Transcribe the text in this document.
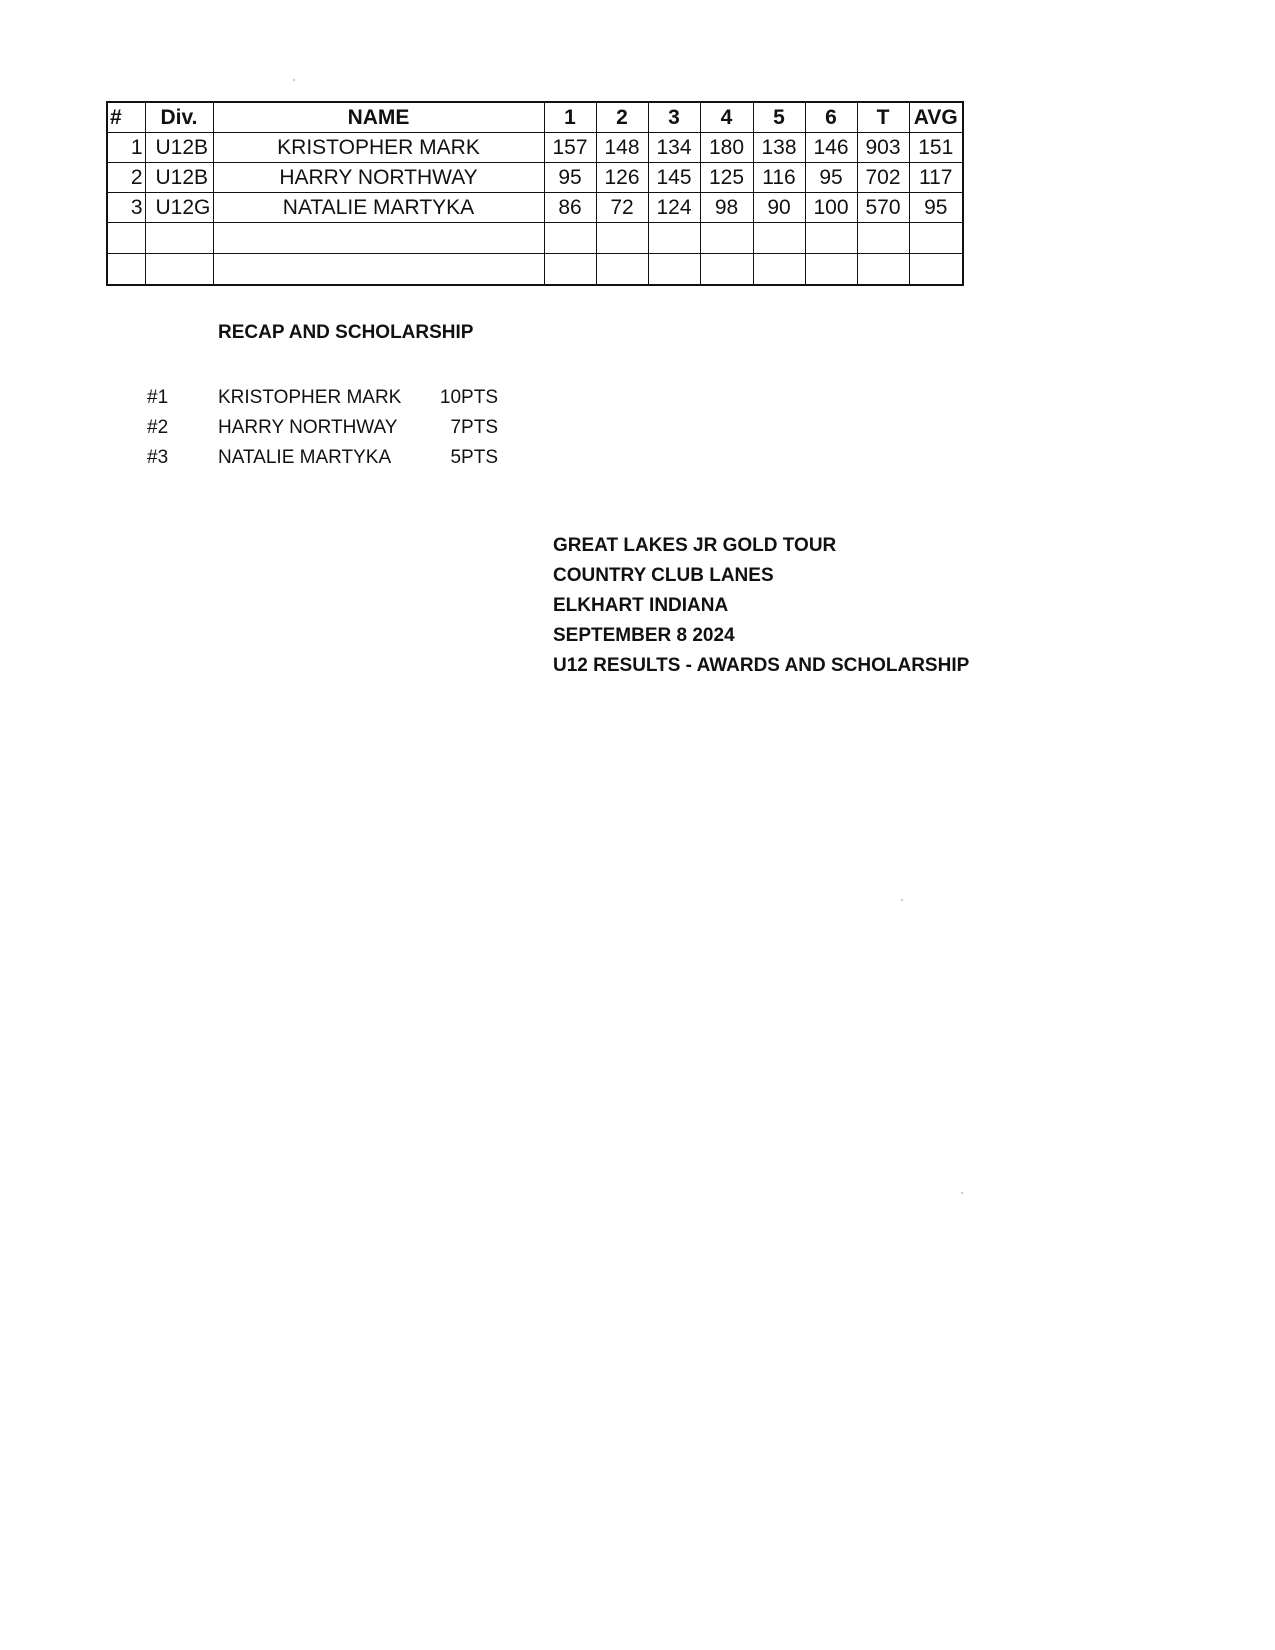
#	Div.	NAME	1	2	3	4	5	6	T	AVG
1	U12B	KRISTOPHER MARK	157	148	134	180	138	146	903	151
2	U12B	HARRY NORTHWAY	95	126	145	125	116	95	702	117
3	U12G	NATALIE MARTYKA	86	72	124	98	90	100	570	95

RECAP AND SCHOLARSHIP
#1	KRISTOPHER MARK	10PTS
#2	HARRY NORTHWAY	7PTS
#3	NATALIE MARTYKA	5PTS
GREAT LAKES JR GOLD TOUR
COUNTRY CLUB LANES
ELKHART INDIANA
SEPTEMBER 8 2024
U12 RESULTS - AWARDS AND SCHOLARSHIP
